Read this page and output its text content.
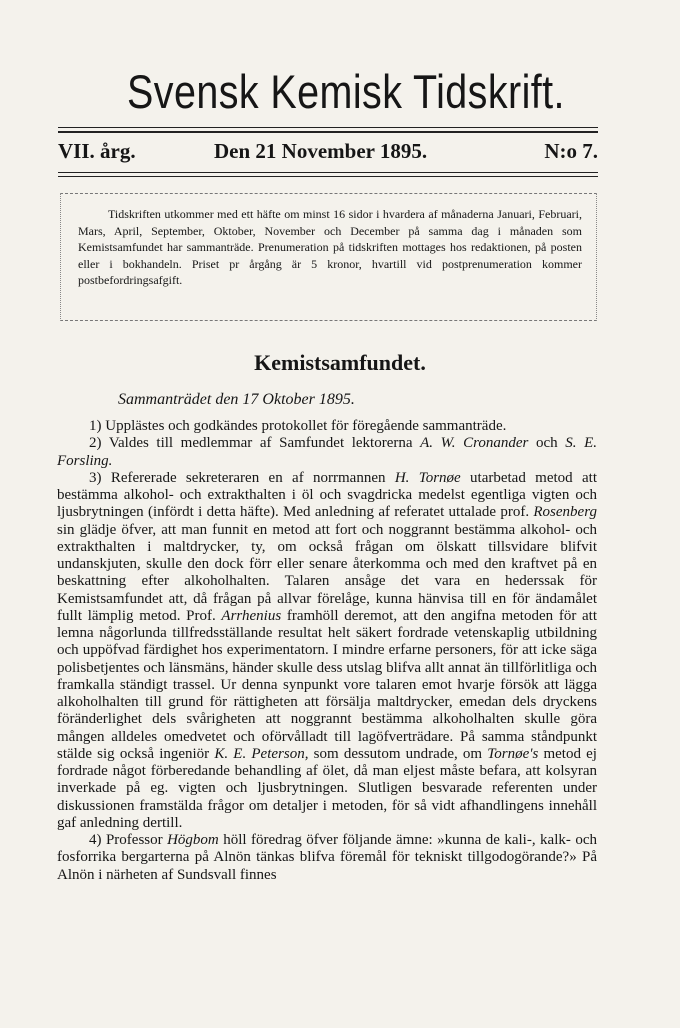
Svensk Kemisk Tidskrift.
VII. årg.	Den 21 November 1895.	N:o 7.
Tidskriften utkommer med ett häfte om minst 16 sidor i hvardera af månaderna Januari, Februari, Mars, April, September, Oktober, November och December på samma dag i månaden som Kemistsamfundet har sammanträde. Prenumeration på tidskriften mottages hos redaktionen, på posten eller i bokhandeln. Priset pr årgång är 5 kronor, hvartill vid postprenumeration kommer postbefordringsafgift.
Kemistsamfundet.
Sammanträdet den 17 Oktober 1895.

1) Upplästes och godkändes protokollet för föregående sammanträde.

2) Valdes till medlemmar af Samfundet lektorerna A. W. Cronander och S. E. Forsling.

3) Refererade sekreteraren en af norrmannen H. Tornøe utarbetad metod att bestämma alkohol- och extrakthalten i öl och svagdricka medelst egentliga vigten och ljusbrytningen (infördt i detta häfte). Med anledning af referatet uttalade prof. Rosenberg sin glädje öfver, att man funnit en metod att fort och noggrannt bestämma alkohol- och extrakthalten i maltdrycker, ty, om också frågan om ölskatt tillsvidare blifvit undanskjuten, skulle den dock förr eller senare återkomma och med den kraftvet på en beskattning efter alkoholhalten. Talaren ansåge det vara en hederssak för Kemistsamfundet att, då frågan på allvar förelåge, kunna hänvisa till en för ändamålet fullt lämplig metod. Prof. Arrhenius framhöll deremot, att den angifna metoden för att lemna någorlunda tillfredsställande resultat helt säkert fordrade vetenskaplig utbildning och uppöfvad färdighet hos experimentatorn. I mindre erfarne personers, för att icke säga polisbetjentes och länsmäns, händer skulle dess utslag blifva allt annat än tillförlitliga och framkalla ständigt trassel. Ur denna synpunkt vore talaren emot hvarje försök att lägga alkoholhalten till grund för rättigheten att försälja maltdrycker, emedan dels dryckens föränderlighet dels svårigheten att noggrannt bestämma alkoholhalten skulle göra mången alldeles omedvetet och oförvålladt till lagöfverträdare. På samma ståndpunkt stälde sig också ingeniör K. E. Peterson, som dessutom undrade, om Tornøe's metod ej fordrade något förberedande behandling af ölet, då man eljest måste befara, att kolsyran inverkade på eg. vigten och ljusbrytningen. Slutligen besvarade referenten under diskussionen framstälda frågor om detaljer i metoden, för så vidt afhandlingens innehåll gaf anledning dertill.

4) Professor Högbom höll föredrag öfver följande ämne: »kunna de kali-, kalk- och fosforrika bergarterna på Alnön tänkas blifva föremål för tekniskt tillgodogörande?» På Alnön i närheten af Sundsvall finnes
